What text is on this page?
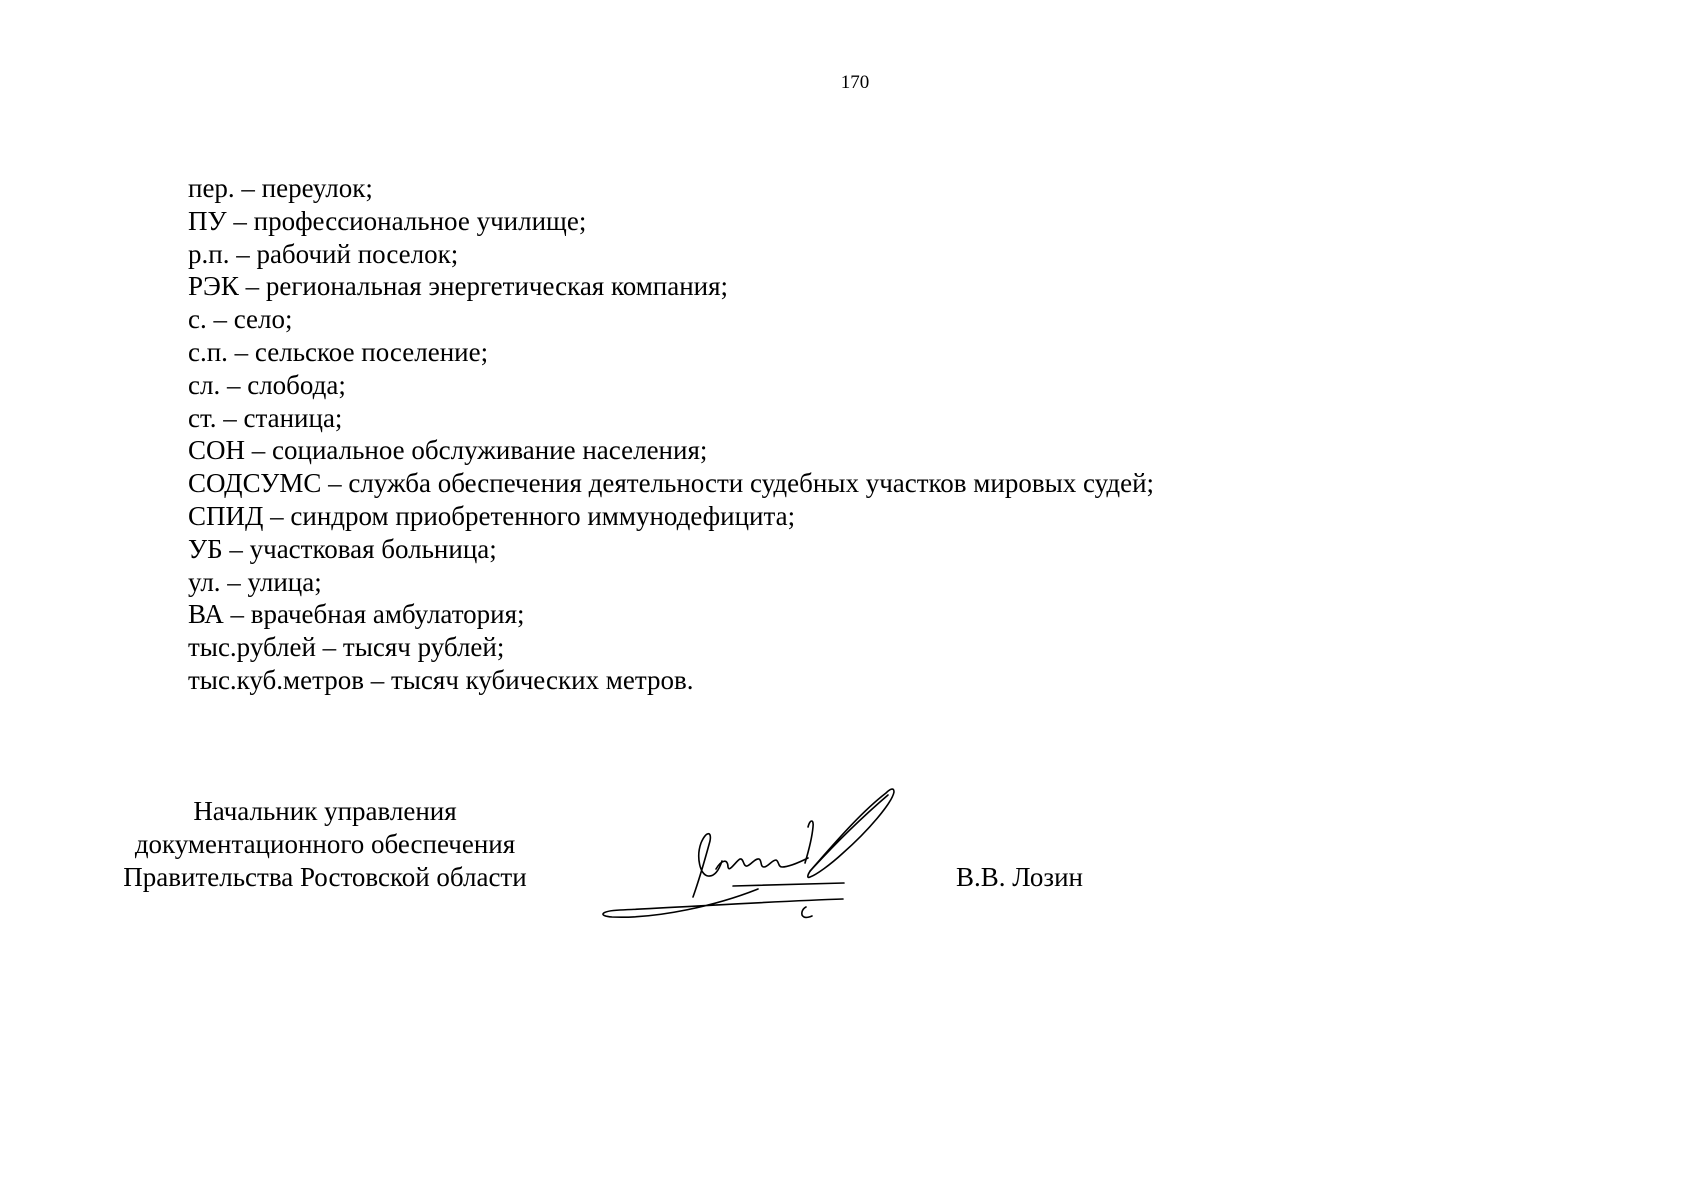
170
пер. – переулок;
ПУ – профессиональное училище;
р.п. – рабочий поселок;
РЭК – региональная энергетическая компания;
с. – село;
с.п. – сельское поселение;
сл. – слобода;
ст. – станица;
СОН – социальное обслуживание населения;
СОДСУМС – служба обеспечения деятельности судебных участков мировых судей;
СПИД – синдром приобретенного иммунодефицита;
УБ – участковая больница;
ул. – улица;
ВА – врачебная амбулатория;
тыс.рублей – тысяч рублей;
тыс.куб.метров – тысяч кубических метров.
Начальник управления
документационного обеспечения
Правительства Ростовской области	В.В. Лозин
